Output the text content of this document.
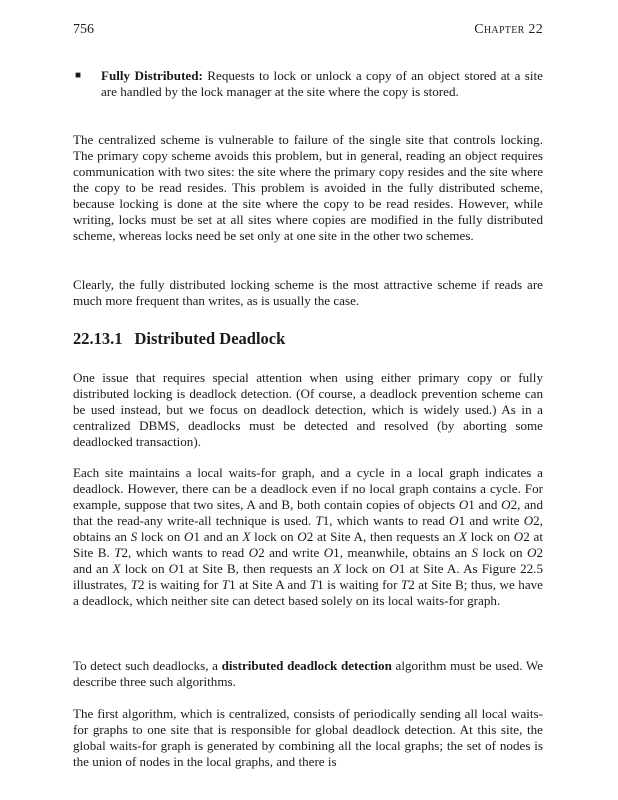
756	Chapter 22
■	Fully Distributed: Requests to lock or unlock a copy of an object stored at a site are handled by the lock manager at the site where the copy is stored.

The centralized scheme is vulnerable to failure of the single site that controls locking. The primary copy scheme avoids this problem, but in general, reading an object requires communication with two sites: the site where the primary copy resides and the site where the copy to be read resides. This problem is avoided in the fully distributed scheme, because locking is done at the site where the copy to be read resides. However, while writing, locks must be set at all sites where copies are modified in the fully distributed scheme, whereas locks need be set only at one site in the other two schemes.

Clearly, the fully distributed locking scheme is the most attractive scheme if reads are much more frequent than writes, as is usually the case.

22.13.1 Distributed Deadlock

One issue that requires special attention when using either primary copy or fully distributed locking is deadlock detection. (Of course, a deadlock prevention scheme can be used instead, but we focus on deadlock detection, which is widely used.) As in a centralized DBMS, deadlocks must be detected and resolved (by aborting some deadlocked transaction).

Each site maintains a local waits-for graph, and a cycle in a local graph indicates a deadlock. However, there can be a deadlock even if no local graph contains a cycle. For example, suppose that two sites, A and B, both contain copies of objects O1 and O2, and that the read-any write-all technique is used. T1, which wants to read O1 and write O2, obtains an S lock on O1 and an X lock on O2 at Site A, then requests an X lock on O2 at Site B. T2, which wants to read O2 and write O1, meanwhile, obtains an S lock on O2 and an X lock on O1 at Site B, then requests an X lock on O1 at Site A. As Figure 22.5 illustrates, T2 is waiting for T1 at Site A and T1 is waiting for T2 at Site B; thus, we have a deadlock, which neither site can detect based solely on its local waits-for graph.

To detect such deadlocks, a distributed deadlock detection algorithm must be used. We describe three such algorithms.

The first algorithm, which is centralized, consists of periodically sending all local waits-for graphs to one site that is responsible for global deadlock detection. At this site, the global waits-for graph is generated by combining all the local graphs; the set of nodes is the union of nodes in the local graphs, and there is
